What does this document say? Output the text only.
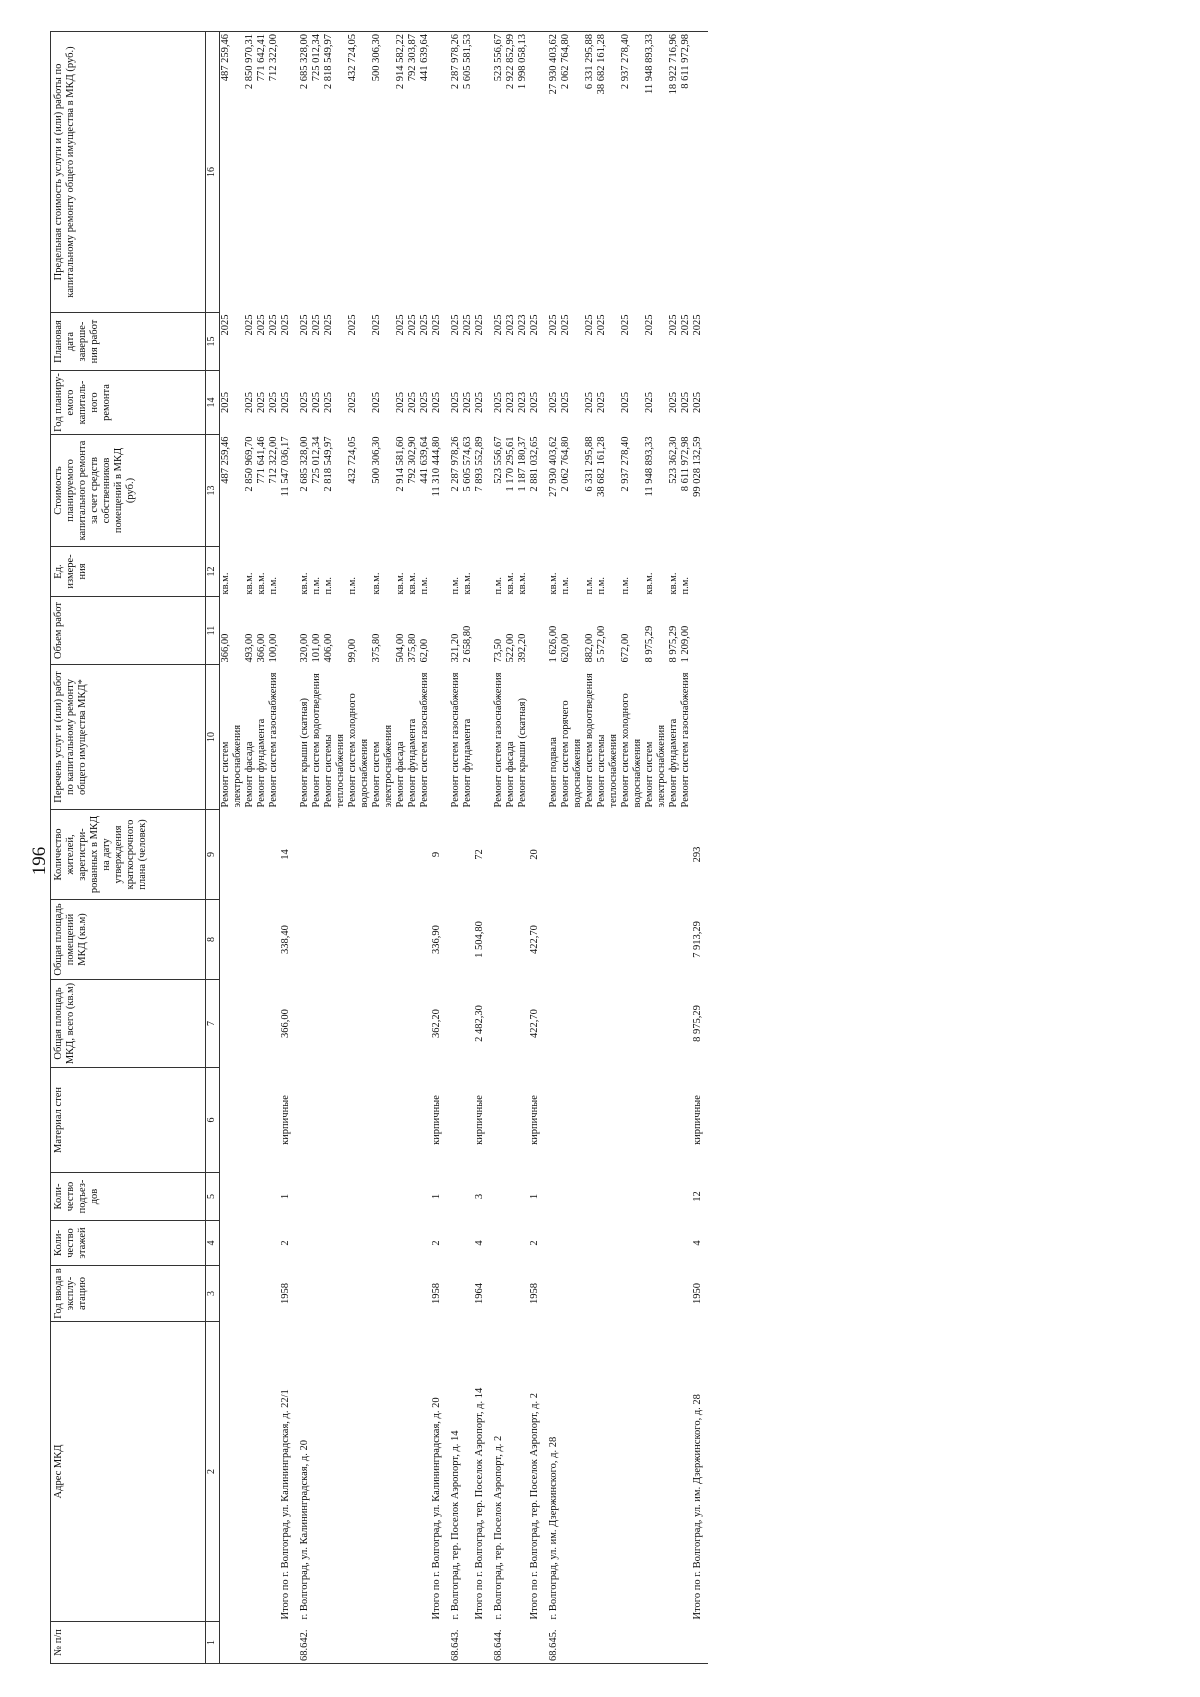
196
№ п/п	Адрес МКД	Год ввода в эксплу-атацию	Коли-чество этажей	Коли-чество подъез-дов	Материал стен	Общая площадь МКД, всего (кв.м)	Общая площадь помещений МКД (кв.м)	Количество жителей, зарегистри-рованных в МКД на дату утверждения краткосрочного плана (человек)	Перечень услуг и (или) работ по капитальному ремонту общего имущества МКД*	Объем работ	Ед. измере-ния	Стоимость планируемого капитального ремонта за счет средств собственников помещений в МКД (руб.)	Год планиру-емого капиталь-ного ремонта	Плановая дата заверше-ния работ	Предельная стоимость услуги и (или) работы по капитальному ремонту общего имущества в МКД (руб.)
1	2	3	4	5	6	7	8	9	10	11	12	13	14	15	16
									Ремонт систем электроснабжения	366,00	кв.м.	487 259,46	2025	2025	487 259,46
									Ремонт фасада	493,00	кв.м.	2 850 969,70	2025	2025	2 850 970,31
									Ремонт фундамента	366,00	кв.м.	771 641,46	2025	2025	771 642,41
									Ремонт систем газоснабжения	100,00	п.м.	712 322,00	2025	2025	712 322,00
	Итого по г. Волгоград, ул. Калининградская, д. 22/1	1958	2	1	кирпичные	366,00	338,40	14				11 547 036,17	2025	2025	
68.642.	г. Волгоград, ул. Калининградская, д. 20								Ремонт крыши (скатная)	320,00	кв.м.	2 685 328,00	2025	2025	2 685 328,00
									Ремонт систем водоотведения	101,00	п.м.	725 012,34	2025	2025	725 012,34
									Ремонт системы теплоснабжения	406,00	п.м.	2 818 549,97	2025	2025	2 818 549,97
									Ремонт систем холодного водоснабжения	99,00	п.м.	432 724,05	2025	2025	432 724,05
									Ремонт систем электроснабжения	375,80	кв.м.	500 306,30	2025	2025	500 306,30
									Ремонт фасада	504,00	кв.м.	2 914 581,60	2025	2025	2 914 582,22
									Ремонт фундамента	375,80	кв.м.	792 302,90	2025	2025	792 303,87
									Ремонт систем газоснабжения	62,00	п.м.	441 639,64	2025	2025	441 639,64
	Итого по г. Волгоград, ул. Калининградская, д. 20	1958	2	1	кирпичные	362,20	336,90	9				11 310 444,80	2025	2025	
68.643.	г. Волгоград, тер. Поселок Аэропорт, д. 14								Ремонт систем газоснабжения	321,20	п.м.	2 287 978,26	2025	2025	2 287 978,26
									Ремонт фундамента	2 658,80	кв.м.	5 605 574,63	2025	2025	5 605 581,53
	Итого по г. Волгоград, тер. Поселок Аэропорт, д. 14	1964	4	3	кирпичные	2 482,30	1 504,80	72				7 893 552,89	2025	2025	
68.644.	г. Волгоград, тер. Поселок Аэропорт, д. 2								Ремонт систем газоснабжения	73,50	п.м.	523 556,67	2025	2025	523 556,67
									Ремонт фасада	522,00	кв.м.	1 170 295,61	2023	2023	2 922 852,99
									Ремонт крыши (скатная)	392,20	кв.м.	1 187 180,37	2023	2023	1 998 058,13
	Итого по г. Волгоград, тер. Поселок Аэропорт, д. 2	1958	2	1	кирпичные	422,70	422,70	20				2 881 032,65	2025	2025	
68.645.	г. Волгоград, ул. им. Дзержинского, д. 28								Ремонт подвала	1 626,00	кв.м.	27 930 403,62	2025	2025	27 930 403,62
									Ремонт систем горячего водоснабжения	620,00	п.м.	2 062 764,80	2025	2025	2 062 764,80
									Ремонт систем водоотведения	882,00	п.м.	6 331 295,88	2025	2025	6 331 295,88
									Ремонт системы теплоснабжения	5 572,00	п.м.	38 682 161,28	2025	2025	38 682 161,28
									Ремонт систем холодного водоснабжения	672,00	п.м.	2 937 278,40	2025	2025	2 937 278,40
									Ремонт систем электроснабжения	8 975,29	кв.м.	11 948 893,33	2025	2025	11 948 893,33
									Ремонт фундамента	8 975,29	кв.м.	523 362,30	2025	2025	18 922 716,96
									Ремонт систем газоснабжения	1 209,00	п.м.	8 611 972,98	2025	2025	8 611 972,98
	Итого по г. Волгоград, ул. им. Дзержинского, д. 28	1950	4	12	кирпичные	8 975,29	7 913,29	293				99 028 132,59	2025	2025	
